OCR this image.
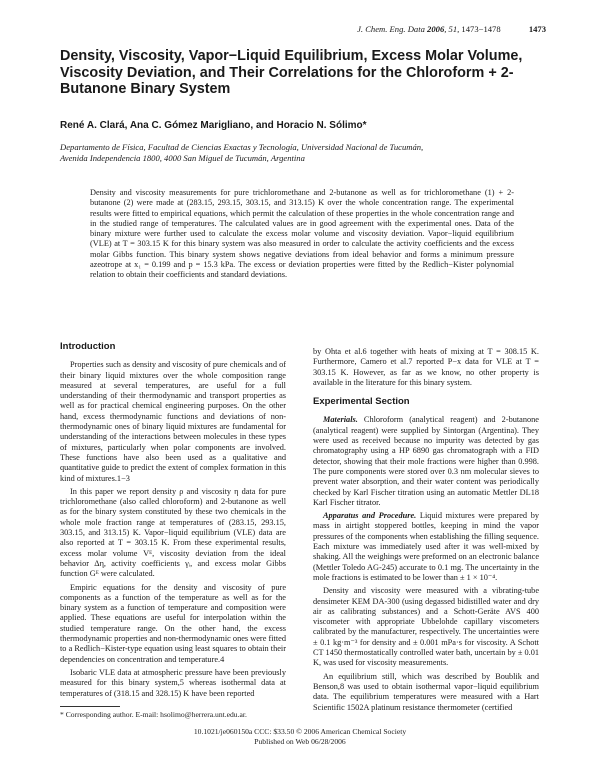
J. Chem. Eng. Data 2006, 51, 1473−1478	1473
Density, Viscosity, Vapor−Liquid Equilibrium, Excess Molar Volume, Viscosity Deviation, and Their Correlations for the Chloroform + 2-Butanone Binary System
René A. Clará, Ana C. Gómez Marigliano, and Horacio N. Sólimo*
Departamento de Física, Facultad de Ciencias Exactas y Tecnología, Universidad Nacional de Tucumán,
Avenida Independencia 1800, 4000 San Miguel de Tucumán, Argentina

Density and viscosity measurements for pure trichloromethane and 2-butanone as well as for trichloromethane (1) + 2-butanone (2) were made at (283.15, 293.15, 303.15, and 313.15) K over the whole concentration range. The experimental results were fitted to empirical equations, which permit the calculation of these properties in the whole concentration range and in the studied range of temperatures. The calculated values are in good agreement with the experimental ones. Data of the binary mixture were further used to calculate the excess molar volume and viscosity deviation. Vapor−liquid equilibrium (VLE) at T = 303.15 K for this binary system was also measured in order to calculate the activity coefficients and the excess molar Gibbs function. This binary system shows negative deviations from ideal behavior and forms a minimum pressure azeotrope at x₁ = 0.199 and p = 15.3 kPa. The excess or deviation properties were fitted by the Redlich−Kister polynomial relation to obtain their coefficients and standard deviations.

Introduction

Properties such as density and viscosity of pure chemicals and of their binary liquid mixtures over the whole composition range measured at several temperatures, are useful for a full understanding of their thermodynamic and transport properties as well as for practical chemical engineering purposes. On the other hand, excess thermodynamic functions and deviations of non-thermodynamic ones of binary liquid mixtures are fundamental for understanding of the interactions between molecules in these types of mixtures, particularly when polar components are involved. These functions have also been used as a qualitative and quantitative guide to predict the extent of complex formation in this kind of mixtures.1−3

In this paper we report density ρ and viscosity η data for pure trichloromethane (also called chloroform) and 2-butanone as well as for the binary system constituted by these two chemicals in the whole mole fraction range at temperatures of (283.15, 293.15, 303.15, and 313.15) K. Vapor−liquid equilibrium (VLE) data are also reported at T = 303.15 K. From these experimental results, excess molar volume Vᴱ, viscosity deviation from the ideal behavior Δη, activity coefficients γᵢ, and excess molar Gibbs function Gᴱ were calculated.

Empiric equations for the density and viscosity of pure components as a function of the temperature as well as for the binary system as a function of temperature and composition were applied. These equations are useful for interpolation within the studied temperature range. On the other hand, the excess thermodynamic properties and non-thermodynamic ones were fitted to a Redlich−Kister-type equation using least squares to obtain their dependencies on concentration and temperature.4

Isobaric VLE data at atmospheric pressure have been previously measured for this binary system,5 whereas isothermal data at temperatures of (318.15 and 328.15) K have been reported

by Ohta et al.6 together with heats of mixing at T = 308.15 K. Furthermore, Camero et al.7 reported P−x data for VLE at T = 303.15 K. However, as far as we know, no other property is available in the literature for this binary system.

Experimental Section

Materials. Chloroform (analytical reagent) and 2-butanone (analytical reagent) were supplied by Sintorgan (Argentina). They were used as received because no impurity was detected by gas chromatography using a HP 6890 gas chromatograph with a FID detector, showing that their mole fractions were higher than 0.998. The pure components were stored over 0.3 nm molecular sieves to prevent water absorption, and their water content was periodically checked by Karl Fischer titration using an automatic Mettler DL18 Karl Fischer titrator.

Apparatus and Procedure. Liquid mixtures were prepared by mass in airtight stoppered bottles, keeping in mind the vapor pressures of the components when establishing the filling sequence. Each mixture was immediately used after it was well-mixed by shaking. All the weighings were preformed on an electronic balance (Mettler Toledo AG-245) accurate to 0.1 mg. The uncertainty in the mole fractions is estimated to be lower than ± 1 × 10⁻⁴.

Density and viscosity were measured with a vibrating-tube densimeter KEM DA-300 (using degassed bidistilled water and dry air as calibrating substances) and a Schott-Geräte AVS 400 viscometer with appropriate Ubbelohde capillary viscometers calibrated by the manufacturer, respectively. The uncertainties were ± 0.1 kg·m⁻³ for density and ± 0.001 mPa·s for viscosity. A Schott CT 1450 thermostatically controlled water bath, uncertain by ± 0.01 K, was used for viscosity measurements.

An equilibrium still, which was described by Boublik and Benson,8 was used to obtain isothermal vapor−liquid equilibrium data. The equilibrium temperatures were measured with a Hart Scientific 1502A platinum resistance thermometer (certified

* Corresponding author. E-mail: hsolimo@herrera.unt.edu.ar.
10.1021/je060150a CCC: $33.50 © 2006 American Chemical Society
Published on Web 06/28/2006
